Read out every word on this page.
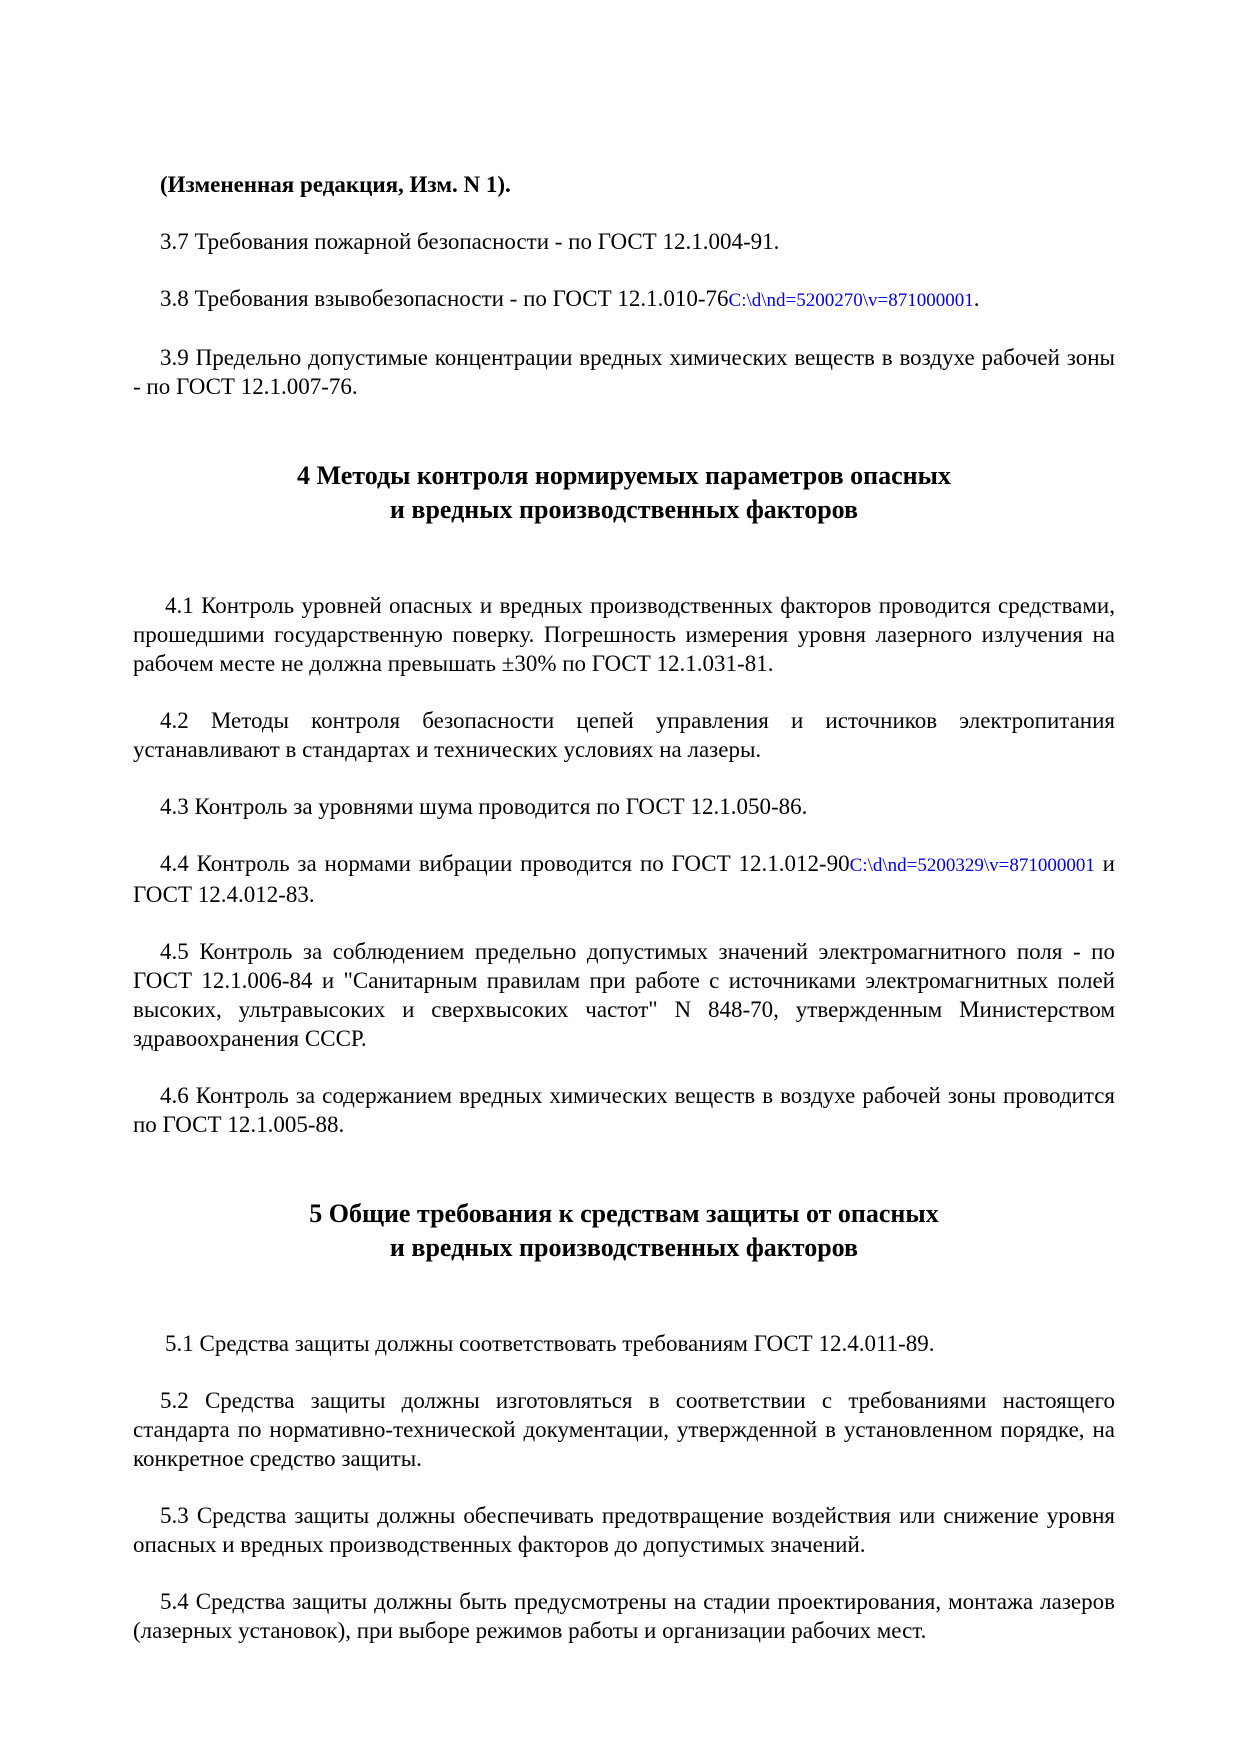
(Измененная редакция, Изм. N 1).

3.7 Требования пожарной безопасности - по ГОСТ 12.1.004-91.

3.8 Требования взывобезопасности - по ГОСТ 12.1.010-76C:\d\nd=5200270\v=871000001.

3.9 Предельно допустимые концентрации вредных химических веществ в воздухе рабочей зоны - по ГОСТ 12.1.007-76.

4 Методы контроля нормируемых параметров опасных
и вредных производственных факторов

4.1 Контроль уровней опасных и вредных производственных факторов проводится средствами, прошедшими государственную поверку. Погрешность измерения уровня лазерного излучения на рабочем месте не должна превышать ±30% по ГОСТ 12.1.031-81.

4.2 Методы контроля безопасности цепей управления и источников электропитания устанавливают в стандартах и технических условиях на лазеры.

4.3 Контроль за уровнями шума проводится по ГОСТ 12.1.050-86.

4.4 Контроль за нормами вибрации проводится по ГОСТ 12.1.012-90C:\d\nd=5200329\v=871000001 и ГОСТ 12.4.012-83.

4.5 Контроль за соблюдением предельно допустимых значений электромагнитного поля - по ГОСТ 12.1.006-84 и "Санитарным правилам при работе с источниками электромагнитных полей высоких, ультравысоких и сверхвысоких частот" N 848-70, утвержденным Министерством здравоохранения СССР.

4.6 Контроль за содержанием вредных химических веществ в воздухе рабочей зоны проводится по ГОСТ 12.1.005-88.

5 Общие требования к средствам защиты от опасных
и вредных производственных факторов

5.1 Средства защиты должны соответствовать требованиям ГОСТ 12.4.011-89.

5.2 Средства защиты должны изготовляться в соответствии с требованиями настоящего стандарта по нормативно-технической документации, утвержденной в установленном порядке, на конкретное средство защиты.

5.3 Средства защиты должны обеспечивать предотвращение воздействия или снижение уровня опасных и вредных производственных факторов до допустимых значений.

5.4 Средства защиты должны быть предусмотрены на стадии проектирования, монтажа лазеров (лазерных установок), при выборе режимов работы и организации рабочих мест.
